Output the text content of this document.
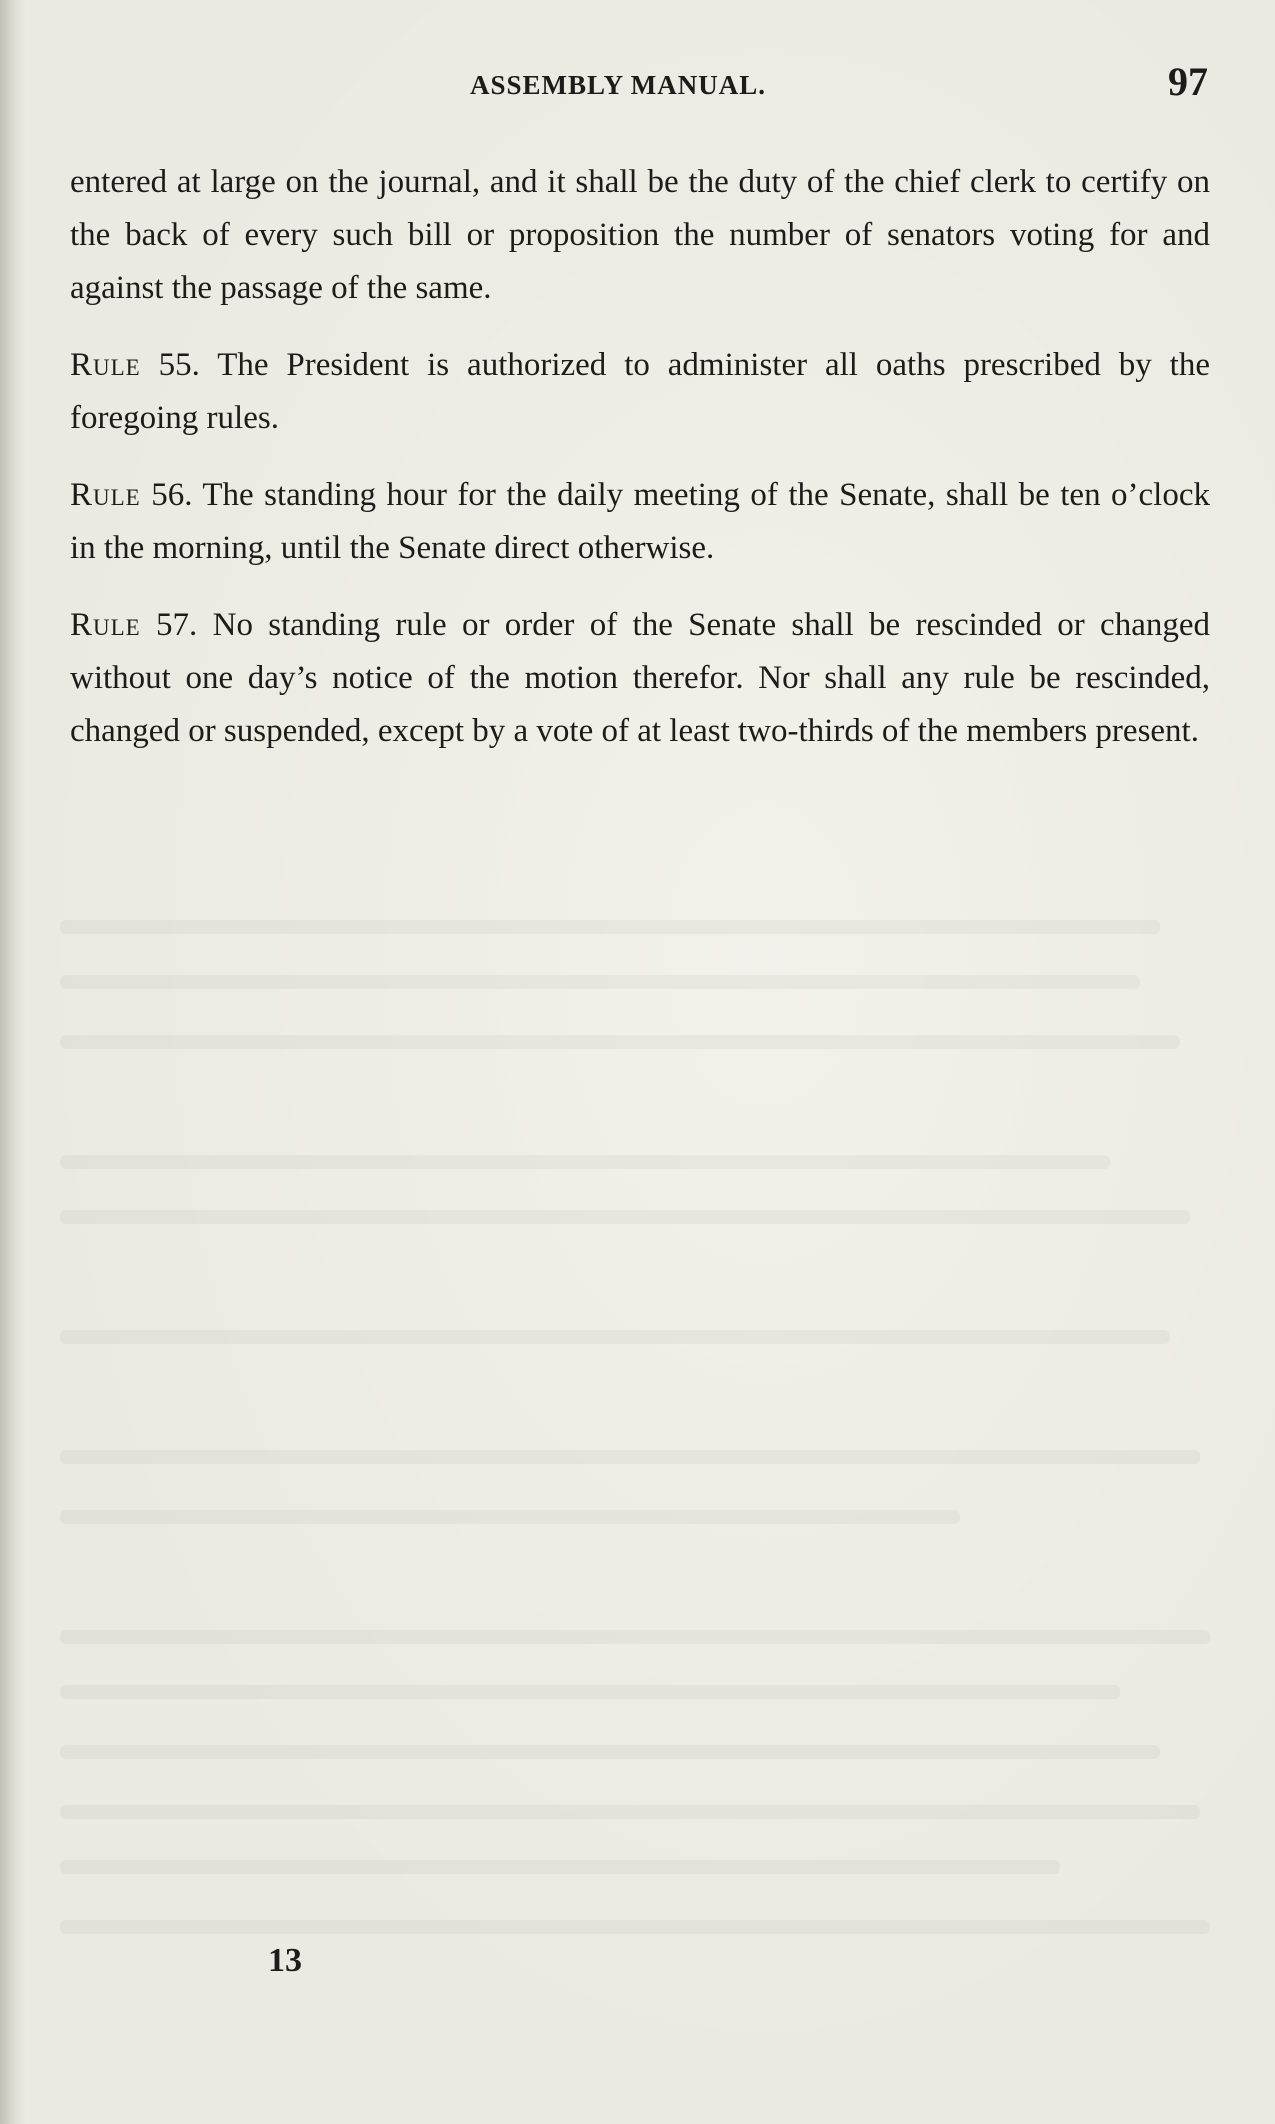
ASSEMBLY MANUAL.	97

entered at large on the journal, and it shall be the duty of the chief clerk to certify on the back of every such bill or proposition the number of senators voting for and against the passage of the same.

Rule 55. The President is authorized to administer all oaths prescribed by the foregoing rules.

Rule 56. The standing hour for the daily meeting of the Senate, shall be ten o’clock in the morning, until the Senate direct otherwise.

Rule 57. No standing rule or order of the Senate shall be rescinded or changed without one day’s notice of the motion therefor. Nor shall any rule be rescinded, changed or suspended, except by a vote of at least two-thirds of the members present.

13
